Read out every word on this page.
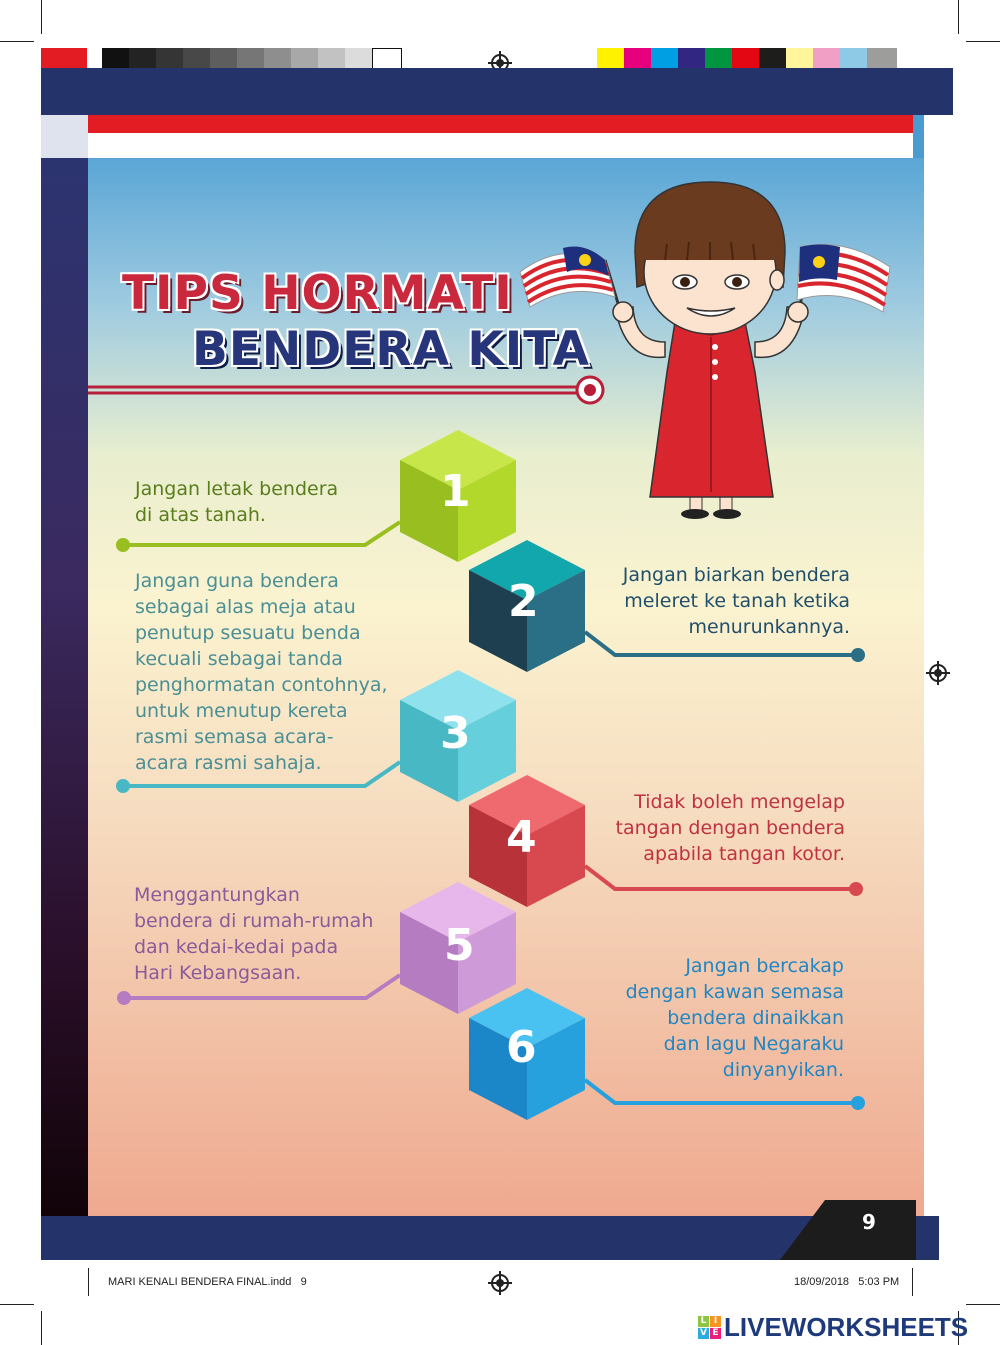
TIPS HORMATI
BENDERA KITA
1
2
3
4
5
6
Jangan letak bendera
di atas tanah.
Jangan biarkan bendera
meleret ke tanah ketika
menurunkannya.
Jangan guna bendera
sebagai alas meja atau
penutup sesuatu benda
kecuali sebagai tanda
penghormatan contohnya,
untuk menutup kereta
rasmi semasa acara-
acara rasmi sahaja.
Tidak boleh mengelap
tangan dengan bendera
apabila tangan kotor.
Menggantungkan
bendera di rumah-rumah
dan kedai-kedai pada
Hari Kebangsaan.	Jangan bercakap
dengan kawan semasa
bendera dinaikkan
dan lagu Negaraku
dinyanyikan.
9
MARI KENALI BENDERA FINAL.indd   9	18/09/2018   5:03 PM
L I
V E LIVEWORKSHEETS
